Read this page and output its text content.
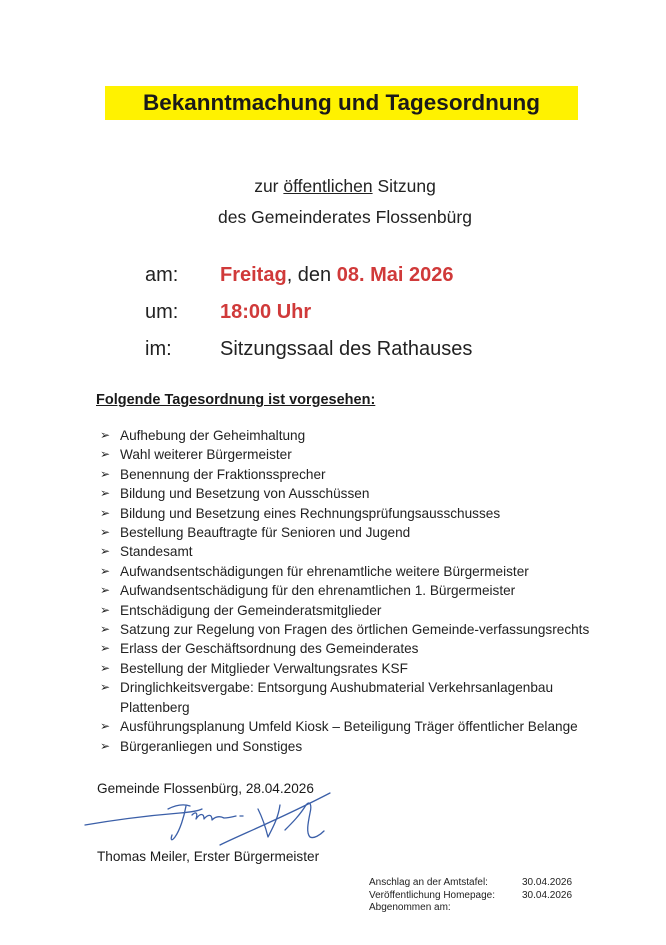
Bekanntmachung und Tagesordnung
zur öffentlichen Sitzung
des Gemeinderates Flossenbürg
am: Freitag, den 08. Mai 2026
um: 18:00 Uhr
im: Sitzungssaal des Rathauses
Folgende Tagesordnung ist vorgesehen:
➢ Aufhebung der Geheimhaltung
➢ Wahl weiterer Bürgermeister
➢ Benennung der Fraktionssprecher
➢ Bildung und Besetzung von Ausschüssen
➢ Bildung und Besetzung eines Rechnungsprüfungsausschusses
➢ Bestellung Beauftragte für Senioren und Jugend
➢ Standesamt
➢ Aufwandsentschädigungen für ehrenamtliche weitere Bürgermeister
➢ Aufwandsentschädigung für den ehrenamtlichen 1. Bürgermeister
➢ Entschädigung der Gemeinderatsmitglieder
➢ Satzung zur Regelung von Fragen des örtlichen Gemeinde-verfassungsrechts
➢ Erlass der Geschäftsordnung des Gemeinderates
➢ Bestellung der Mitglieder Verwaltungsrates KSF
➢ Dringlichkeitsvergabe: Entsorgung Aushubmaterial Verkehrsanlagenbau Plattenberg
➢ Ausführungsplanung Umfeld Kiosk – Beteiligung Träger öffentlicher Belange
➢ Bürgeranliegen und Sonstiges
Gemeinde Flossenbürg, 28.04.2026
Thomas Meiler, Erster Bürgermeister
Anschlag an der Amtstafel:	30.04.2026
Veröffentlichung Homepage:	30.04.2026
Abgenommen am:
